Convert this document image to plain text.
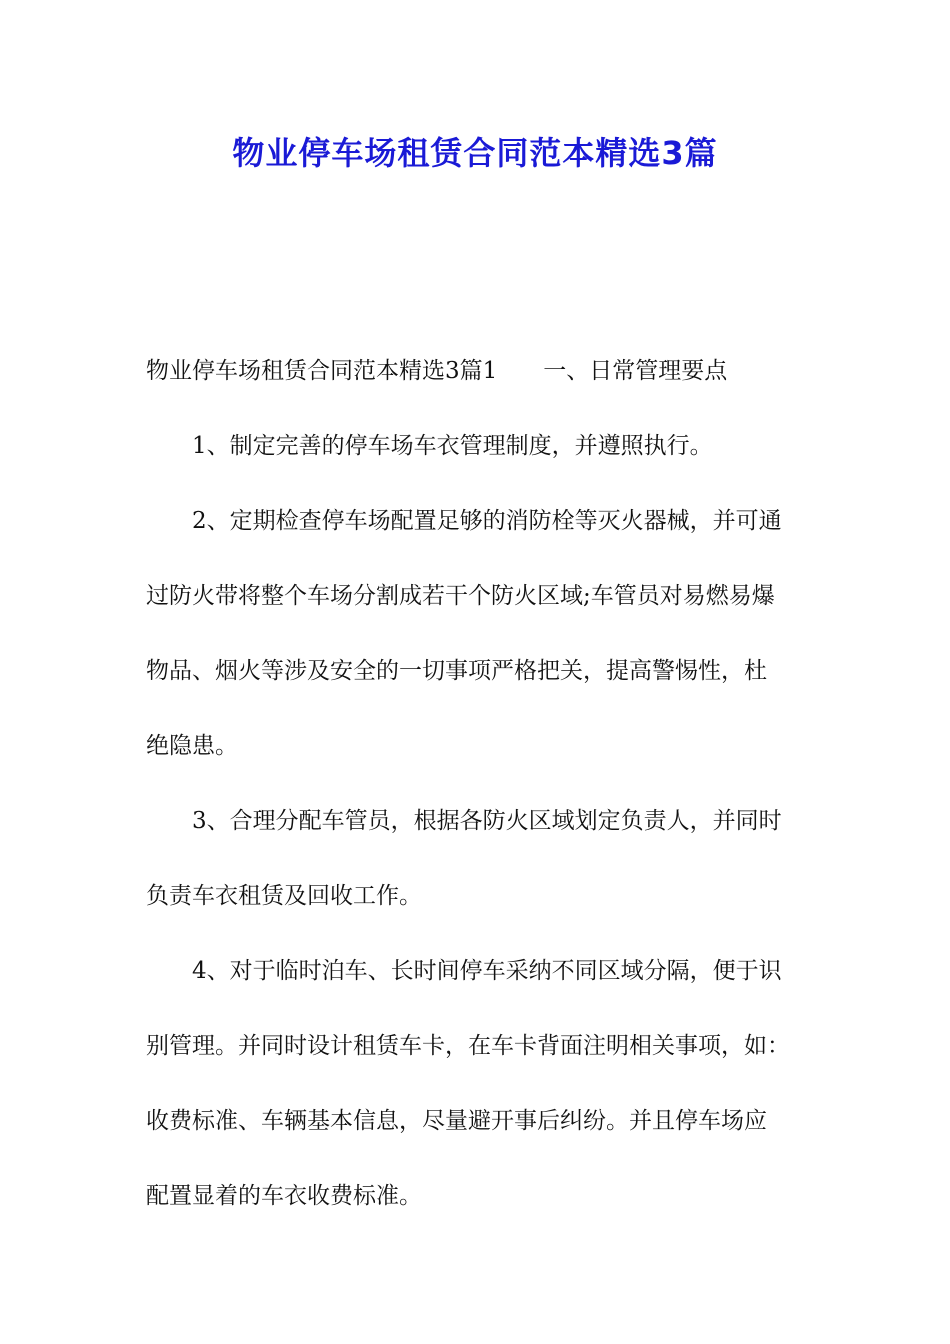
物业停车场租赁合同范本精选3篇
物业停车场租赁合同范本精选3篇1 一、日常管理要点
1、制定完善的停车场车衣管理制度，并遵照执行。
2、定期检查停车场配置足够的消防栓等灭火器械，并可通
过防火带将整个车场分割成若干个防火区域;车管员对易燃易爆
物品、烟火等涉及安全的一切事项严格把关，提高警惕性，杜
绝隐患。
3、合理分配车管员，根据各防火区域划定负责人，并同时
负责车衣租赁及回收工作。
4、对于临时泊车、长时间停车采纳不同区域分隔，便于识
别管理。并同时设计租赁车卡，在车卡背面注明相关事项，如：
收费标准、车辆基本信息，尽量避开事后纠纷。并且停车场应
配置显着的车衣收费标准。
